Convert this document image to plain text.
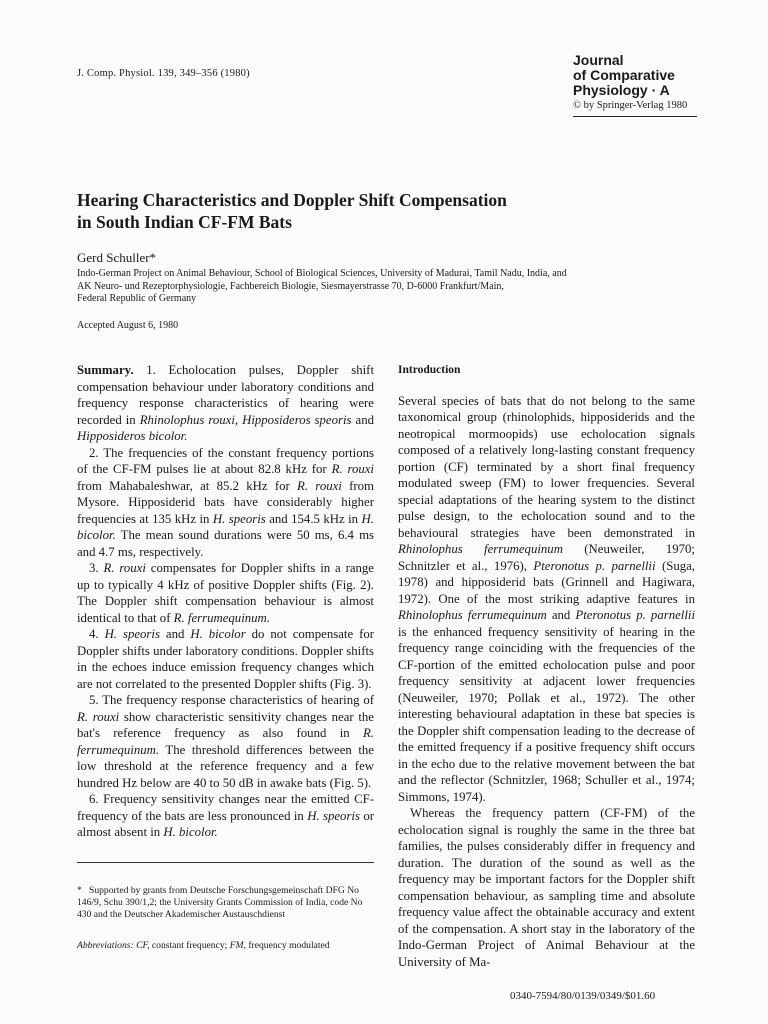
J. Comp. Physiol. 139, 349–356 (1980)
Journal
of Comparative
Physiology · A
© by Springer-Verlag 1980
Hearing Characteristics and Doppler Shift Compensation
in South Indian CF-FM Bats
Gerd Schuller*
Indo-German Project on Animal Behaviour, School of Biological Sciences, University of Madurai, Tamil Nadu, India, and
AK Neuro- und Rezeptorphysiologie, Fachbereich Biologie, Siesmayerstrasse 70, D-6000 Frankfurt/Main,
Federal Republic of Germany
Accepted August 6, 1980

Summary. 1. Echolocation pulses, Doppler shift compensation behaviour under laboratory conditions and frequency response characteristics of hearing were recorded in Rhinolophus rouxi, Hipposideros speoris and Hipposideros bicolor.

2. The frequencies of the constant frequency portions of the CF-FM pulses lie at about 82.8 kHz for R. rouxi from Mahabaleshwar, at 85.2 kHz for R. rouxi from Mysore. Hipposiderid bats have considerably higher frequencies at 135 kHz in H. speoris and 154.5 kHz in H. bicolor. The mean sound durations were 50 ms, 6.4 ms and 4.7 ms, respectively.

3. R. rouxi compensates for Doppler shifts in a range up to typically 4 kHz of positive Doppler shifts (Fig. 2). The Doppler shift compensation behaviour is almost identical to that of R. ferrumequinum.

4. H. speoris and H. bicolor do not compensate for Doppler shifts under laboratory conditions. Doppler shifts in the echoes induce emission frequency changes which are not correlated to the presented Doppler shifts (Fig. 3).

5. The frequency response characteristics of hearing of R. rouxi show characteristic sensitivity changes near the bat's reference frequency as also found in R. ferrumequinum. The threshold differences between the low threshold at the reference frequency and a few hundred Hz below are 40 to 50 dB in awake bats (Fig. 5).

6. Frequency sensitivity changes near the emitted CF-frequency of the bats are less pronounced in H. speoris or almost absent in H. bicolor.

Introduction

Several species of bats that do not belong to the same taxonomical group (rhinolophids, hipposiderids and the neotropical mormoopids) use echolocation signals composed of a relatively long-lasting constant frequency portion (CF) terminated by a short final frequency modulated sweep (FM) to lower frequencies. Several special adaptations of the hearing system to the distinct pulse design, to the echolocation sound and to the behavioural strategies have been demonstrated in Rhinolophus ferrumequinum (Neuweiler, 1970; Schnitzler et al., 1976), Pteronotus p. parnellii (Suga, 1978) and hipposiderid bats (Grinnell and Hagiwara, 1972). One of the most striking adaptive features in Rhinolophus ferrumequinum and Pteronotus p. parnellii is the enhanced frequency sensitivity of hearing in the frequency range coinciding with the frequencies of the CF-portion of the emitted echolocation pulse and poor frequency sensitivity at adjacent lower frequencies (Neuweiler, 1970; Pollak et al., 1972). The other interesting behavioural adaptation in these bat species is the Doppler shift compensation leading to the decrease of the emitted frequency if a positive frequency shift occurs in the echo due to the relative movement between the bat and the reflector (Schnitzler, 1968; Schuller et al., 1974; Simmons, 1974).

Whereas the frequency pattern (CF-FM) of the echolocation signal is roughly the same in the three bat families, the pulses considerably differ in frequency and duration. The duration of the sound as well as the frequency may be important factors for the Doppler shift compensation behaviour, as sampling time and absolute frequency value affect the obtainable accuracy and extent of the compensation. A short stay in the laboratory of the Indo-German Project of Animal Behaviour at the University of Ma-

* Supported by grants from Deutsche Forschungsgemeinschaft DFG No 146/9, Schu 390/1,2; the University Grants Commission of India, code No 430 and the Deutscher Akademischer Austauschdienst
Abbreviations: CF, constant frequency; FM, frequency modulated
0340-7594/80/0139/0349/$01.60
